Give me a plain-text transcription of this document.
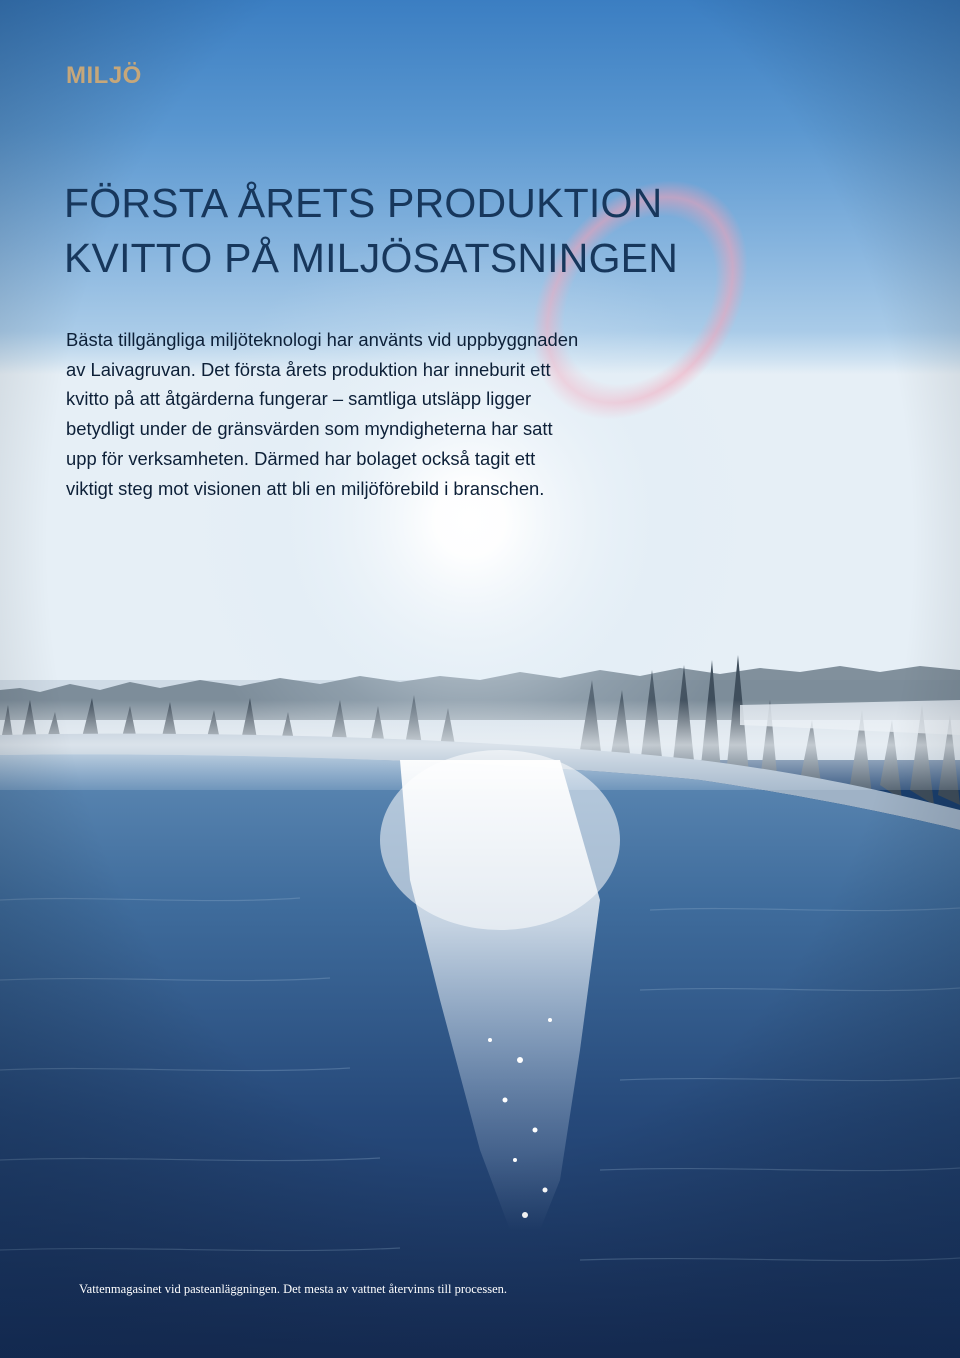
MILJÖ
FÖRSTA ÅRETS PRODUKTION
KVITTO PÅ MILJÖSATSNINGEN

Bästa tillgängliga miljöteknologi har använts vid uppbyggnaden
av Laivagruvan. Det första årets produktion har inneburit ett
kvitto på att åtgärderna fungerar – samtliga utsläpp ligger
betydligt under de gränsvärden som myndigheterna har satt
upp för verksamheten. Därmed har bolaget också tagit ett
viktigt steg mot visionen att bli en miljöförebild i branschen.

Vattenmagasinet vid pasteanläggningen. Det mesta av vattnet återvinns till processen.
